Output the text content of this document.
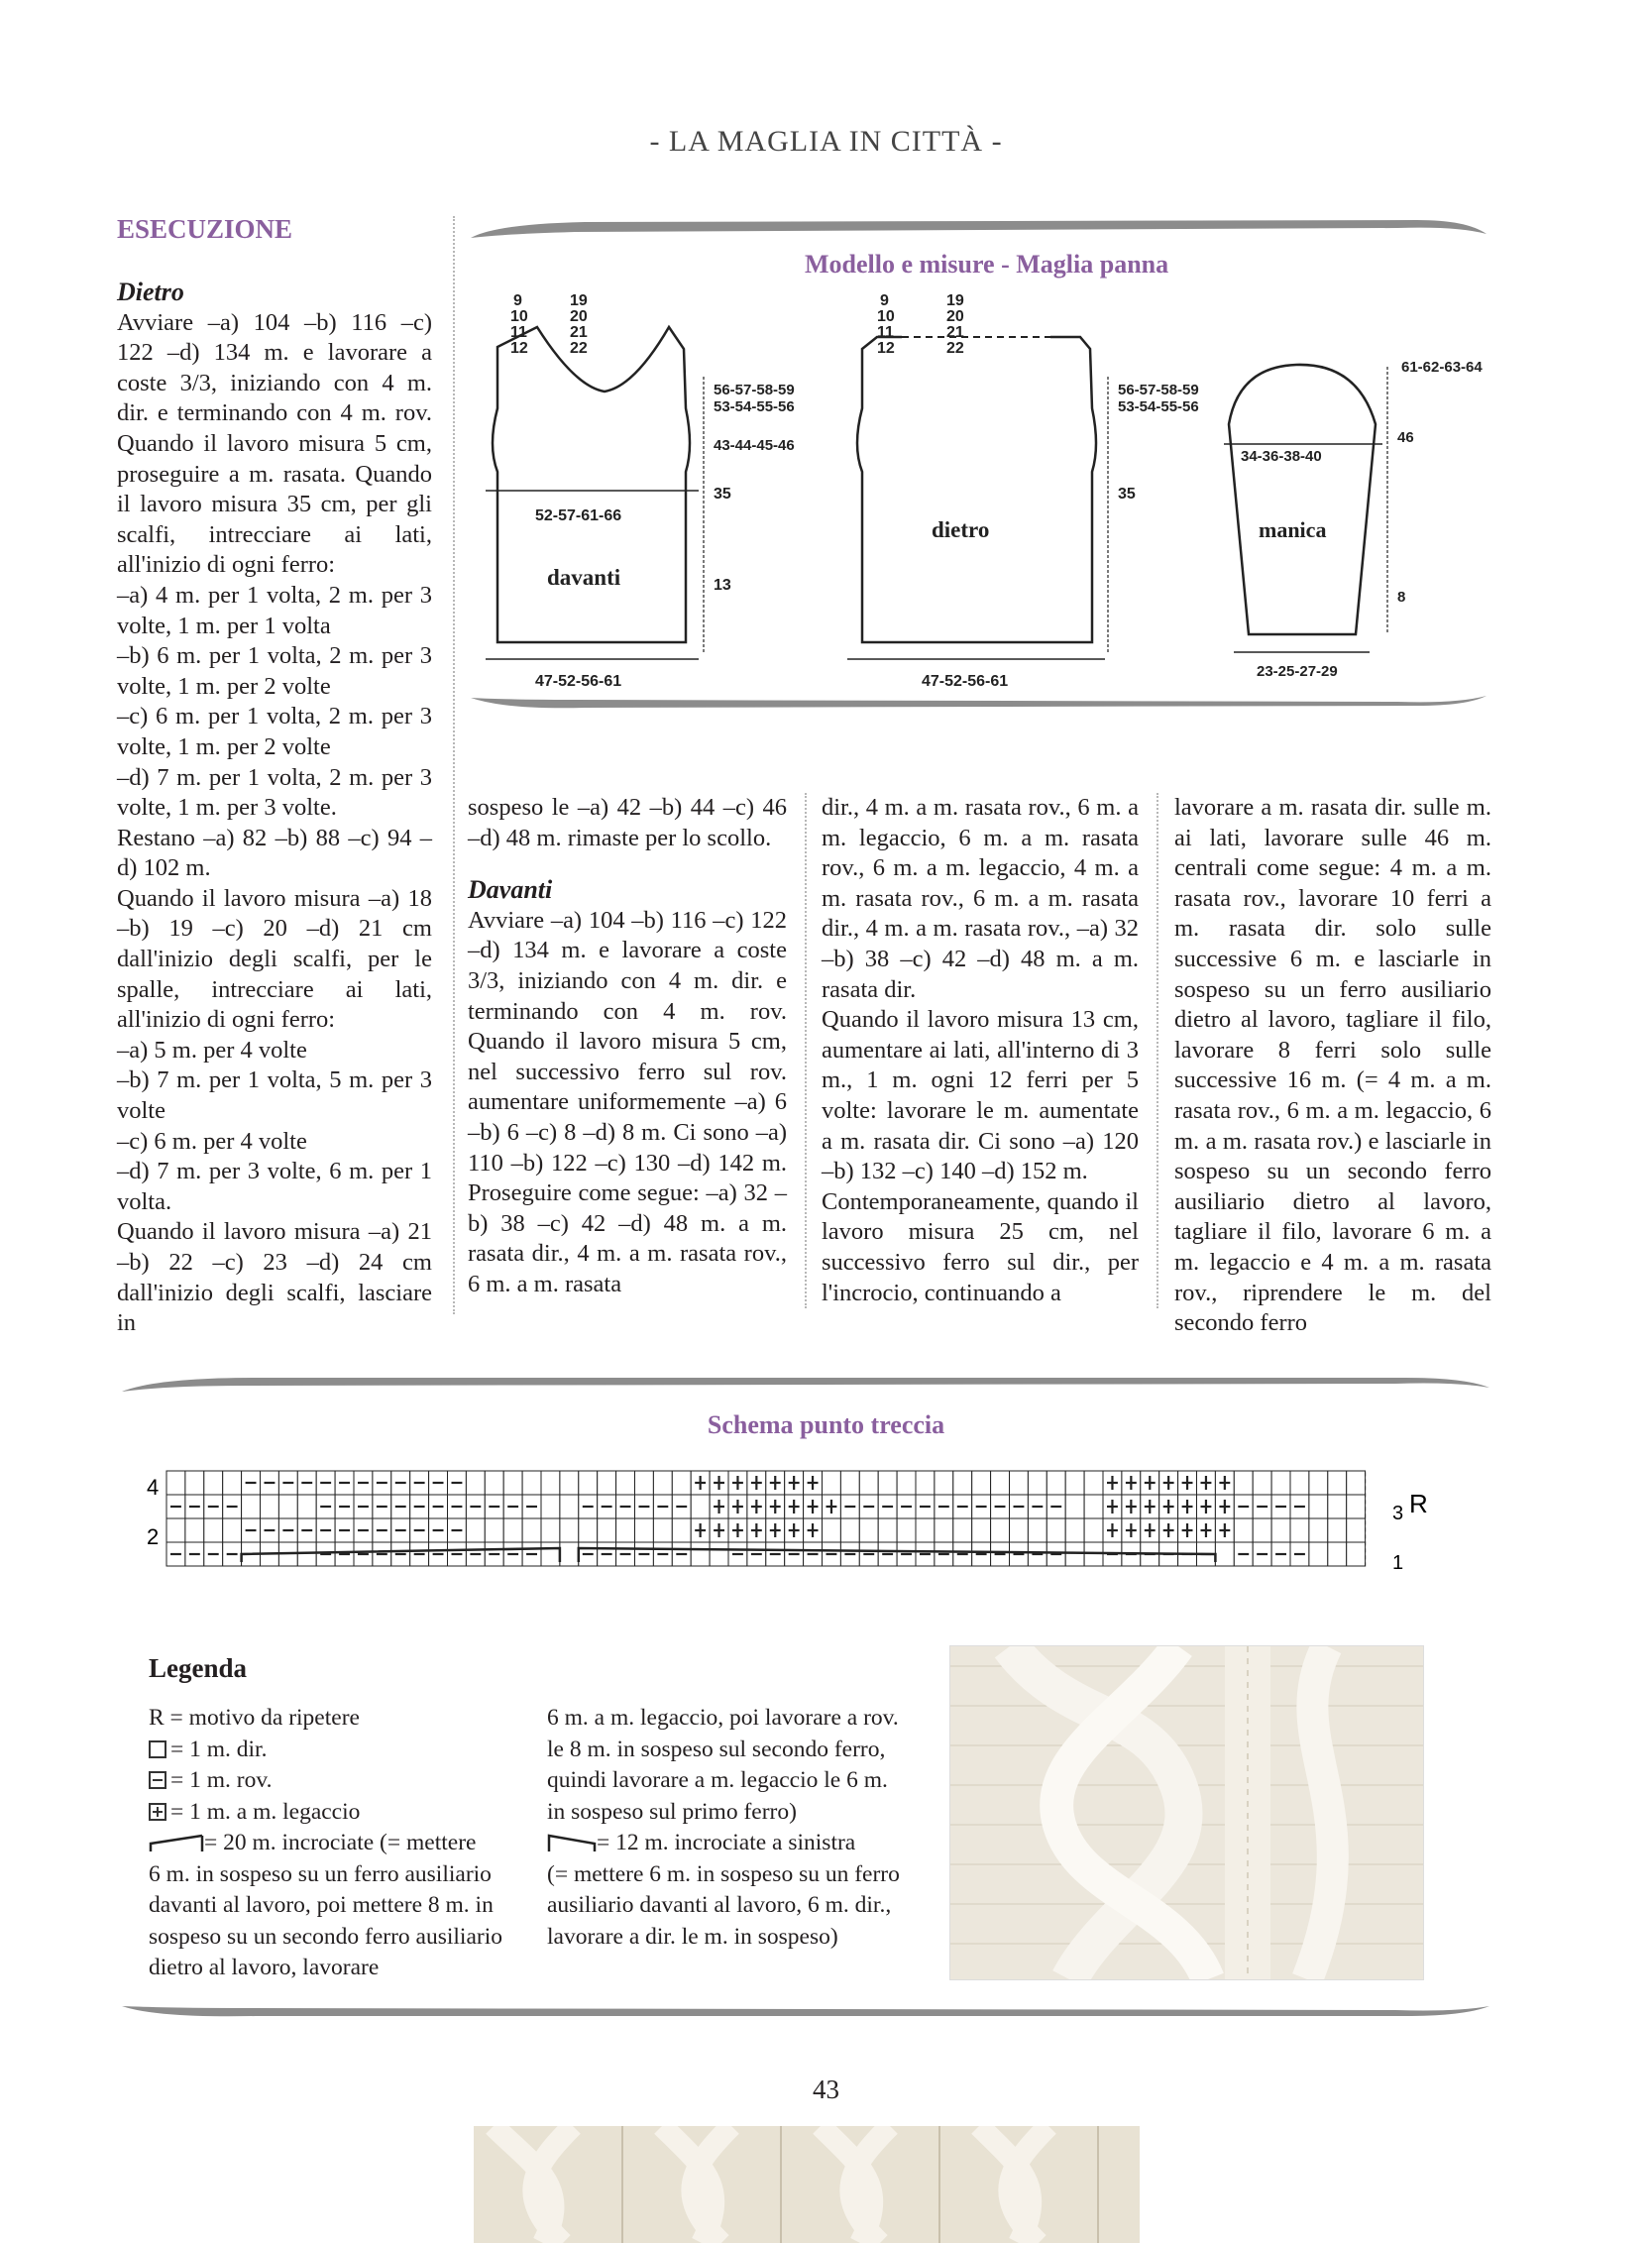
- LA MAGLIA IN CITTÀ -
ESECUZIONE

Dietro

Avviare –a) 104 –b) 116 –c) 122 –d) 134 m. e lavorare a coste 3/3, iniziando con 4 m. dir. e terminando con 4 m. rov. Quando il lavoro misura 5 cm, proseguire a m. rasata. Quando il lavoro misura 35 cm, per gli scalfi, intrecciare ai lati, all'inizio di ogni ferro:

–a) 4 m. per 1 volta, 2 m. per 3 volte, 1 m. per 1 volta

–b) 6 m. per 1 volta, 2 m. per 3 volte, 1 m. per 2 volte

–c) 6 m. per 1 volta, 2 m. per 3 volte, 1 m. per 2 volte

–d) 7 m. per 1 volta, 2 m. per 3 volte, 1 m. per 3 volte.

Restano –a) 82 –b) 88 –c) 94 –d) 102 m.

Quando il lavoro misura –a) 18 –b) 19 –c) 20 –d) 21 cm dall'inizio degli scalfi, per le spalle, intrecciare ai lati, all'inizio di ogni ferro:

–a) 5 m. per 4 volte

–b) 7 m. per 1 volta, 5 m. per 3 volte

–c) 6 m. per 4 volte

–d) 7 m. per 3 volte, 6 m. per 1 volta.

Quando il lavoro misura –a) 21 –b) 22 –c) 23 –d) 24 cm dall'inizio degli scalfi, lasciare in

sospeso le –a) 42 –b) 44 –c) 46 –d) 48 m. rimaste per lo scollo.

Davanti

Avviare –a) 104 –b) 116 –c) 122 –d) 134 m. e lavorare a coste 3/3, iniziando con 4 m. dir. e terminando con 4 m. rov. Quando il lavoro misura 5 cm, nel successivo ferro sul rov. aumentare uniformemente –a) 6 –b) 6 –c) 8 –d) 8 m. Ci sono –a) 110 –b) 122 –c) 130 –d) 142 m. Proseguire come segue: –a) 32 –b) 38 –c) 42 –d) 48 m. a m. rasata dir., 4 m. a m. rasata rov., 6 m. a m. rasata

dir., 4 m. a m. rasata rov., 6 m. a m. legaccio, 6 m. a m. rasata rov., 6 m. a m. legaccio, 4 m. a m. rasata rov., 6 m. a m. rasata dir., 4 m. a m. rasata rov., –a) 32 –b) 38 –c) 42 –d) 48 m. a m. rasata dir.

Quando il lavoro misura 13 cm, aumentare ai lati, all'interno di 3 m., 1 m. ogni 12 ferri per 5 volte: lavorare le m. aumentate a m. rasata dir. Ci sono –a) 120 –b) 132 –c) 140 –d) 152 m.

Contemporaneamente, quando il lavoro misura 25 cm, nel successivo ferro sul dir., per l'incrocio, continuando a

lavorare a m. rasata dir. sulle m. ai lati, lavorare sulle 46 m. centrali come segue: 4 m. a m. rasata rov., lavorare 10 ferri a m. rasata dir. solo sulle successive 6 m. e lasciarle in sospeso su un ferro ausiliario dietro al lavoro, tagliare il filo, lavorare 8 ferri solo sulle successive 16 m. (= 4 m. a m. rasata rov., 6 m. a m. legaccio, 6 m. a m. rasata rov.) e lasciarle in sospeso su un secondo ferro ausiliario dietro al lavoro, tagliare il filo, lavorare 6 m. a m. legaccio e 4 m. a m. rasata rov., riprendere le m. del secondo ferro

Modello e misure - Maglia panna
davanti
52-57-61-66
47-52-56-61
9
10
11
12
19
20
21
22
56-57-58-59
53-54-55-56
43-44-45-46
35
13
dietro
47-52-56-61
9
10
11
12
19
20
21
22
56-57-58-59
53-54-55-56
35
manica
34-36-38-40
23-25-27-29
61-62-63-64
46
8
Schema punto treccia
4
2
3
1
R
Legenda
R = motivo da ripetere
= 1 m. dir.
= 1 m. rov.
= 1 m. a m. legaccio
= 20 m. incrociate (= mettere
6 m. in sospeso su un ferro ausiliario davanti al lavoro, poi mettere 8 m. in sospeso su un secondo ferro ausiliario dietro al lavoro, lavorare
6 m. a m. legaccio, poi lavorare a rov. le 8 m. in sospeso sul secondo ferro, quindi lavorare a m. legaccio le 6 m. in sospeso sul primo ferro)
= 12 m. incrociate a sinistra
(= mettere 6 m. in sospeso su un ferro ausiliario davanti al lavoro, 6 m. dir., lavorare a dir. le m. in sospeso)
43
